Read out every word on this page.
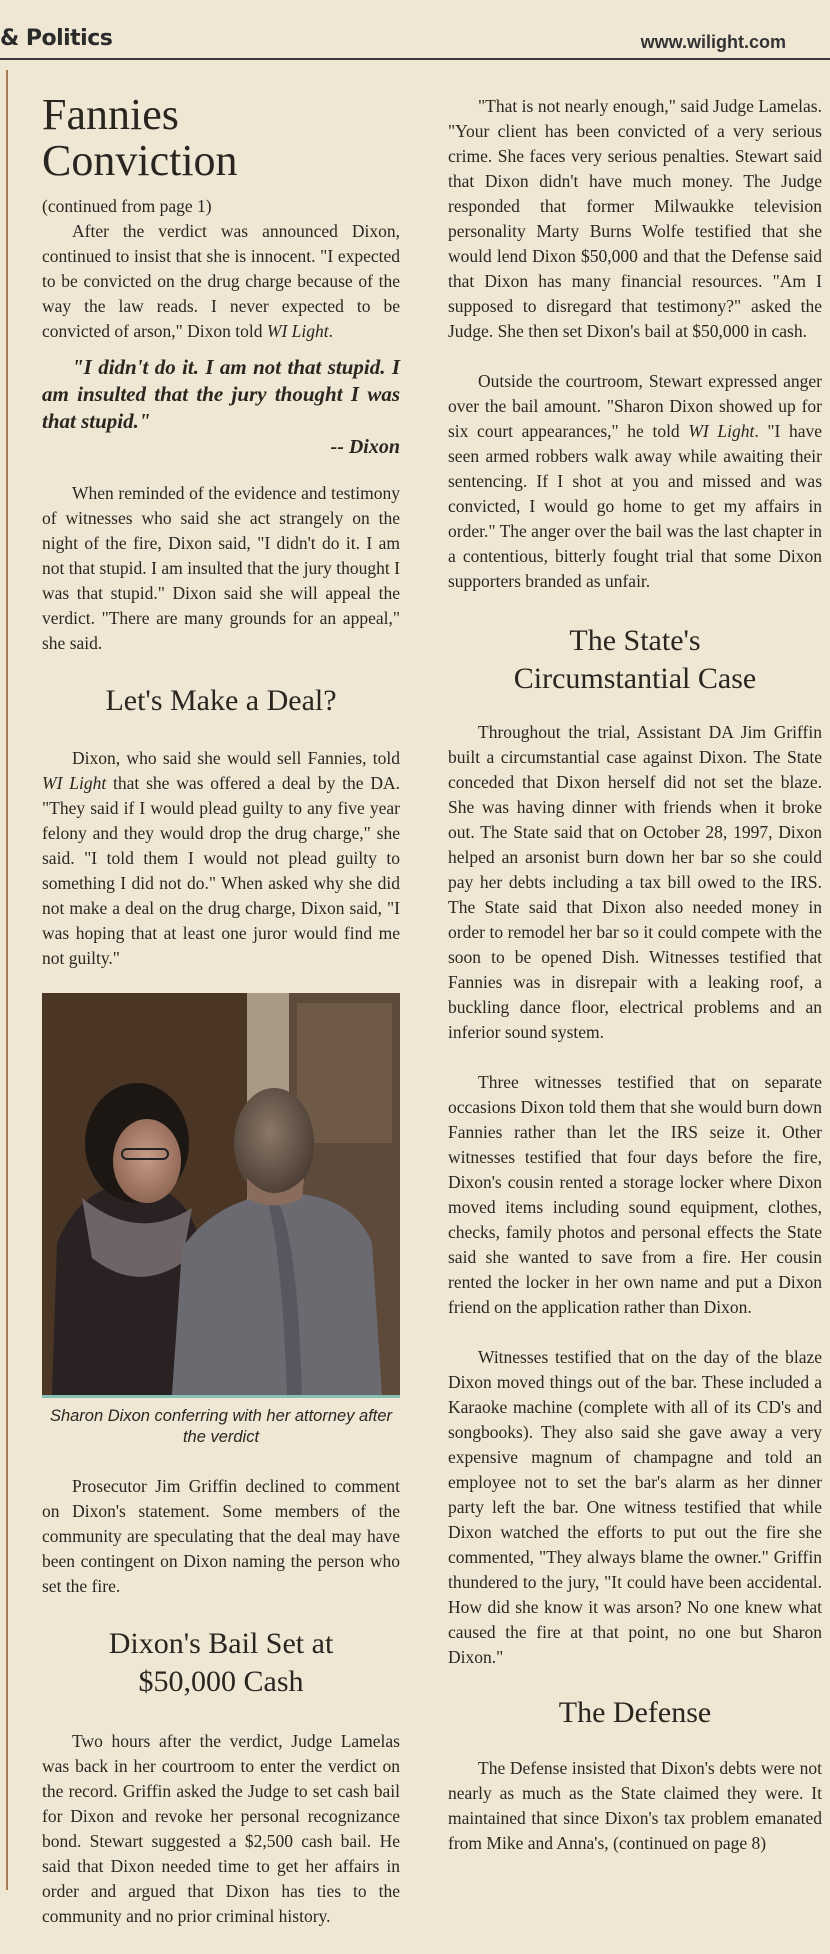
& Politics	www.wilight.com
Fannies
Conviction

(continued from page 1)

After the verdict was announced Dixon, continued to insist that she is innocent. "I expected to be convicted on the drug charge because of the way the law reads. I never expected to be convicted of arson," Dixon told WI Light.

"I didn't do it. I am not that stupid. I am insulted that the jury thought I was that stupid."

-- Dixon

When reminded of the evidence and testimony of witnesses who said she act strangely on the night of the fire, Dixon said, "I didn't do it. I am not that stupid. I am insulted that the jury thought I was that stupid." Dixon said she will appeal the verdict. "There are many grounds for an appeal," she said.

Let's Make a Deal?

Dixon, who said she would sell Fannies, told WI Light that she was offered a deal by the DA. "They said if I would plead guilty to any five year felony and they would drop the drug charge," she said. "I told them I would not plead guilty to something I did not do." When asked why she did not make a deal on the drug charge, Dixon said, "I was hoping that at least one juror would find me not guilty."

Sharon Dixon conferring with her attorney after the verdict

Prosecutor Jim Griffin declined to comment on Dixon's statement. Some members of the community are speculating that the deal may have been contingent on Dixon naming the person who set the fire.

Dixon's Bail Set at
$50,000 Cash

Two hours after the verdict, Judge Lamelas was back in her courtroom to enter the verdict on the record. Griffin asked the Judge to set cash bail for Dixon and revoke her personal recognizance bond. Stewart suggested a $2,500 cash bail. He said that Dixon needed time to get her affairs in order and argued that Dixon has ties to the community and no prior criminal history.

"That is not nearly enough," said Judge Lamelas. "Your client has been convicted of a very serious crime. She faces very serious penalties. Stewart said that Dixon didn't have much money. The Judge responded that former Milwaukke television personality Marty Burns Wolfe testified that she would lend Dixon $50,000 and that the Defense said that Dixon has many financial resources. "Am I supposed to disregard that testimony?" asked the Judge. She then set Dixon's bail at $50,000 in cash.

Outside the courtroom, Stewart expressed anger over the bail amount. "Sharon Dixon showed up for six court appearances," he told WI Light. "I have seen armed robbers walk away while awaiting their sentencing. If I shot at you and missed and was convicted, I would go home to get my affairs in order." The anger over the bail was the last chapter in a contentious, bitterly fought trial that some Dixon supporters branded as unfair.

The State's
Circumstantial Case

Throughout the trial, Assistant DA Jim Griffin built a circumstantial case against Dixon. The State conceded that Dixon herself did not set the blaze. She was having dinner with friends when it broke out. The State said that on October 28, 1997, Dixon helped an arsonist burn down her bar so she could pay her debts including a tax bill owed to the IRS. The State said that Dixon also needed money in order to remodel her bar so it could compete with the soon to be opened Dish. Witnesses testified that Fannies was in disrepair with a leaking roof, a buckling dance floor, electrical problems and an inferior sound system.

Three witnesses testified that on separate occasions Dixon told them that she would burn down Fannies rather than let the IRS seize it. Other witnesses testified that four days before the fire, Dixon's cousin rented a storage locker where Dixon moved items including sound equipment, clothes, checks, family photos and personal effects the State said she wanted to save from a fire. Her cousin rented the locker in her own name and put a Dixon friend on the application rather than Dixon.

Witnesses testified that on the day of the blaze Dixon moved things out of the bar. These included a Karaoke machine (complete with all of its CD's and songbooks). They also said she gave away a very expensive magnum of champagne and told an employee not to set the bar's alarm as her dinner party left the bar. One witness testified that while Dixon watched the efforts to put out the fire she commented, "They always blame the owner." Griffin thundered to the jury, "It could have been accidental. How did she know it was arson? No one knew what caused the fire at that point, no one but Sharon Dixon."

The Defense

The Defense insisted that Dixon's debts were not nearly as much as the State claimed they were. It maintained that since Dixon's tax problem emanated from Mike and Anna's, (continued on page 8)
